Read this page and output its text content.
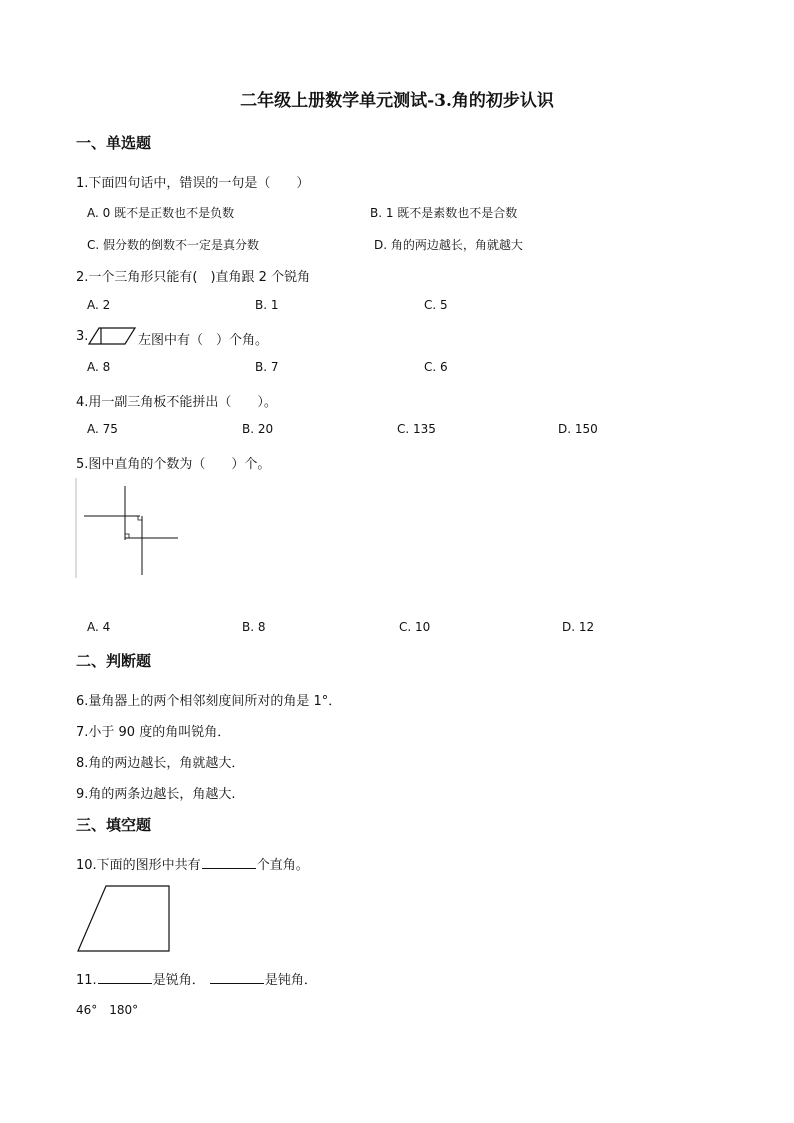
二年级上册数学单元测试-3.角的初步认识
一、单选题
1.下面四句话中，错误的一句是（　　）
A. 0 既不是正数也不是负数	B. 1 既不是素数也不是合数
C. 假分数的倒数不一定是真分数	D. 角的两边越长，角就越大
2.一个三角形只能有(　)直角跟 2 个锐角
A. 2	B. 1	C. 5
3.	左图中有（　）个角。
A. 8	B. 7	C. 6
4.用一副三角板不能拼出（　　）。
A. 75	B. 20	C. 135	D. 150
5.图中直角的个数为（　　）个。
A. 4	B. 8	C. 10	D. 12
二、判断题
6.量角器上的两个相邻刻度间所对的角是 1°．
7.小于 90 度的角叫锐角．
8.角的两边越长，角就越大．
9.角的两条边越长，角越大.
三、填空题
10.下面的图形中共有	个直角。
11.	是锐角．	是钝角．
46°　180°
